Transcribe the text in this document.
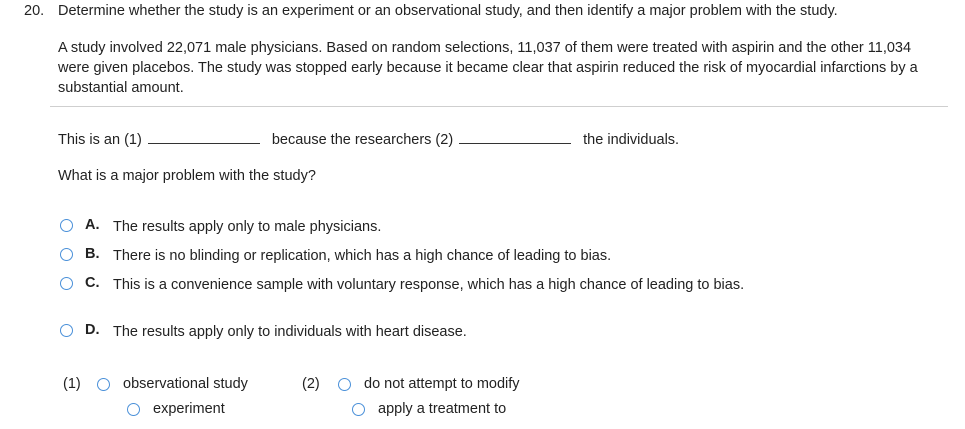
20. Determine whether the study is an experiment or an observational study, and then identify a major problem with the study.
A study involved 22,071 male physicians. Based on random selections, 11,037 of them were treated with aspirin and the other 11,034 were given placebos. The study was stopped early because it became clear that aspirin reduced the risk of myocardial infarctions by a substantial amount.
This is an (1)	because the researchers (2)	the individuals.
What is a major problem with the study?
A. The results apply only to male physicians.
B. There is no blinding or replication, which has a high chance of leading to bias.
C. This is a convenience sample with voluntary response, which has a high chance of leading to bias.
D. The results apply only to individuals with heart disease.
(1)	observational study
experiment
(2)	do not attempt to modify
apply a treatment to
